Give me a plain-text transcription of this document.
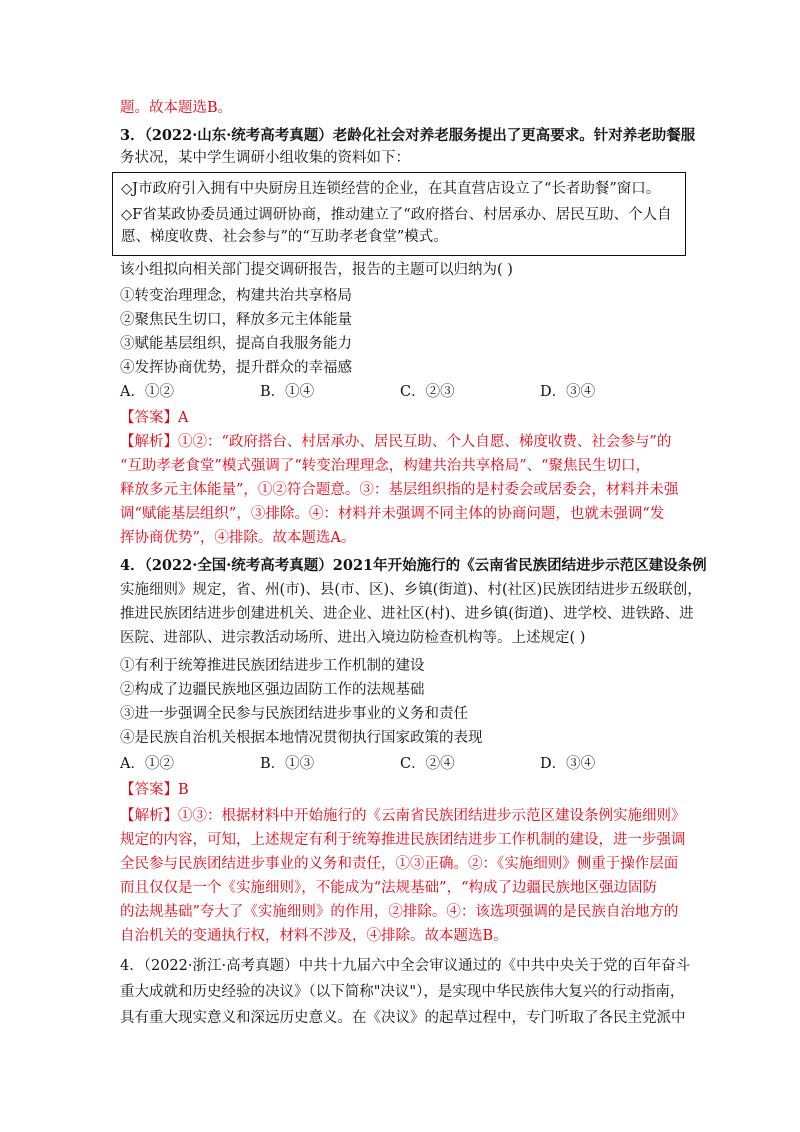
题。故本题选B。
3．（2022·山东·统考高考真题）老龄化社会对养老服务提出了更高要求。针对养老助餐服
务状况，某中学生调研小组收集的资料如下：
◇J市政府引入拥有中央厨房且连锁经营的企业，在其直营店设立了“长者助餐”窗口。
◇F省某政协委员通过调研协商，推动建立了“政府搭台、村居承办、居民互助、个人自
愿、梯度收费、社会参与”的“互助孝老食堂”模式。
该小组拟向相关部门提交调研报告，报告的主题可以归纳为( )
①转变治理理念，构建共治共享格局
②聚焦民生切口，释放多元主体能量
③赋能基层组织，提高自我服务能力
④发挥协商优势，提升群众的幸福感
A．①②	B．①④	C．②③	D．③④
【答案】A
【解析】①②：“政府搭台、村居承办、居民互助、个人自愿、梯度收费、社会参与”的
“互助孝老食堂”模式强调了“转变治理理念，构建共治共享格局”、“聚焦民生切口，
释放多元主体能量”，①②符合题意。③：基层组织指的是村委会或居委会，材料并未强
调“赋能基层组织”，③排除。④：材料并未强调不同主体的协商问题，也就未强调“发
挥协商优势”，④排除。故本题选A。
4．（2022·全国·统考高考真题）2021年开始施行的《云南省民族团结进步示范区建设条例
实施细则》规定，省、州(市)、县(市、区)、乡镇(街道)、村(社区)民族团结进步五级联创，
推进民族团结进步创建进机关、进企业、进社区(村)、进乡镇(街道)、进学校、进铁路、进
医院、进部队、进宗教活动场所、进出入境边防检查机构等。上述规定( )
①有利于统筹推进民族团结进步工作机制的建设
②构成了边疆民族地区强边固防工作的法规基础
③进一步强调全民参与民族团结进步事业的义务和责任
④是民族自治机关根据本地情况贯彻执行国家政策的表现
A．①②	B．①③	C．②④	D．③④
【答案】B
【解析】①③：根据材料中开始施行的《云南省民族团结进步示范区建设条例实施细则》
规定的内容，可知，上述规定有利于统筹推进民族团结进步工作机制的建设，进一步强调
全民参与民族团结进步事业的义务和责任，①③正确。②：《实施细则》侧重于操作层面
而且仅仅是一个《实施细则》，不能成为“法规基础”，“构成了边疆民族地区强边固防
的法规基础”夸大了《实施细则》的作用，②排除。④：该选项强调的是民族自治地方的
自治机关的变通执行权，材料不涉及，④排除。故本题选B。
4．（2022·浙江·高考真题）中共十九届六中全会审议通过的《中共中央关于党的百年奋斗
重大成就和历史经验的决议》（以下简称"决议"），是实现中华民族伟大复兴的行动指南，
具有重大现实意义和深远历史意义。在《决议》的起草过程中，专门听取了各民主党派中
